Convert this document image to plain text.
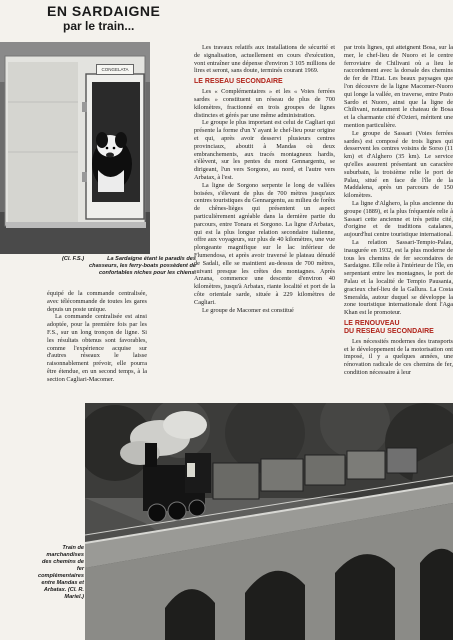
EN SARDAIGNE
par le train...
CONGELATA
(Cl. F.S.)	La Sardaigne étant le paradis des chasseurs, les ferry-boats possèdent de confortables niches pour les chiens.

équipé de la commande centralisée, avec télécommande de toutes les gares depuis un poste unique.

La commande centralisée est ainsi adoptée, pour la première fois par les F.S., sur un long tronçon de ligne. Si les résultats obtenus sont favorables, comme l'expérience acquise sur d'autres réseaux le laisse raisonnablement prévoir, elle pourra être étendue, en un second temps, à la section Cagliari-Macomer.

Les travaux relatifs aux installations de sécurité et de signalisation, actuellement en cours d'exécution, vont entraîner une dépense d'environ 3 105 millions de lires et seront, sans doute, terminés courant 1969.

LE RESEAU SECONDAIRE

Les « Complémentaires » et les « Voies ferrées sardes » constituent un réseau de plus de 700 kilomètres, fractionné en trois groupes de lignes distinctes et gérés par une même administration.

Le groupe le plus important est celui de Cagliari qui présente la forme d'un Y ayant le chef-lieu pour origine et qui, après avoir desservi plusieurs centres provinciaux, aboutit à Mandas où deux embranchements, aux tracés montagneux hardis, s'élèvent, sur les pentes du mont Gennargentu, se dirigeant, l'un vers Sorgono, au nord, et l'autre vers Arbatax, à l'est.

La ligne de Sorgono serpente le long de vallées boisées, s'élevant de plus de 700 mètres jusqu'aux centres touristiques du Gennargentu, au milieu de forêts de chênes-lièges qui présentent un aspect particulièrement agréable dans la dernière partie du parcours, entre Tonara et Sorgono. La ligne d'Arbatax, qui est la plus longue relation secondaire italienne, offre aux voyageurs, sur plus de 40 kilomètres, une vue plongeante magnifique sur le lac inférieur de Flumendosa, et après avoir traversé le plateau dénudé de Sadali, elle se maintient au-dessus de 700 mètres, suivant presque les crêtes des montagnes. Après Arzana, commence une descente d'environ 40 kilomètres, jusqu'à Arbatax, riante localité et port de la côte orientale sarde, située à 229 kilomètres de Cagliari.

Le groupe de Macomer est constitué

par trois lignes, qui atteignent Bosa, sur la mer, le chef-lieu de Nuoro et le centre ferroviaire de Chilivani où a lieu le raccordement avec la dorsale des chemins de fer de l'Etat. Les beaux paysages que l'on découvre de la ligne Macomer-Nuoro qui longe la vallée, en traverse, entre Prato Sardo et Nuoro, ainsi que la ligne de Chilivani, notamment le chateau de Bosa et la charmante cité d'Ozieri, méritent une mention particulière.

Le groupe de Sassari (Voies ferrées sardes) est composé de trois lignes qui desservent les centres voisins de Sorso (11 km) et d'Alghero (35 km). Le service qu'elles assurent présentant un caractère suburbain, la troisième relie le port de Palau, situé en face de l'île de la Maddalena, après un parcours de 150 kilomètres.

La ligne d'Alghero, la plus ancienne du groupe (1889), et la plus fréquentée relie à Sassari cette ancienne et très petite cité, d'origine et de traditions catalanes, aujourd'hui centre touristique international.

La relation Sassari-Tempio-Palau, inaugurée en 1932, est la plus moderne de tous les chemins de fer secondaires de Sardaigne. Elle relie à l'intérieur de l'île, en serpentant entre les montagnes, le port de Palau et la localité de Tempio Pausania, gracieux chef-lieu de la Gallura. La Costa Smeralda, autour duquel se développe la zone touristique internationale dont l'Aga Khan est le promoteur.

LE RENOUVEAU
DU RESEAU SECONDAIRE

Les nécessités modernes des transports et le développement de la motorisation ont imposé, il y a quelques années, une rénovation radicale de ces chemins de fer, condition nécessaire à leur

Train de marchandises des chemins de fer complémentaires entre Mandas et Arbatax. (Cl. R. Mariel.)
